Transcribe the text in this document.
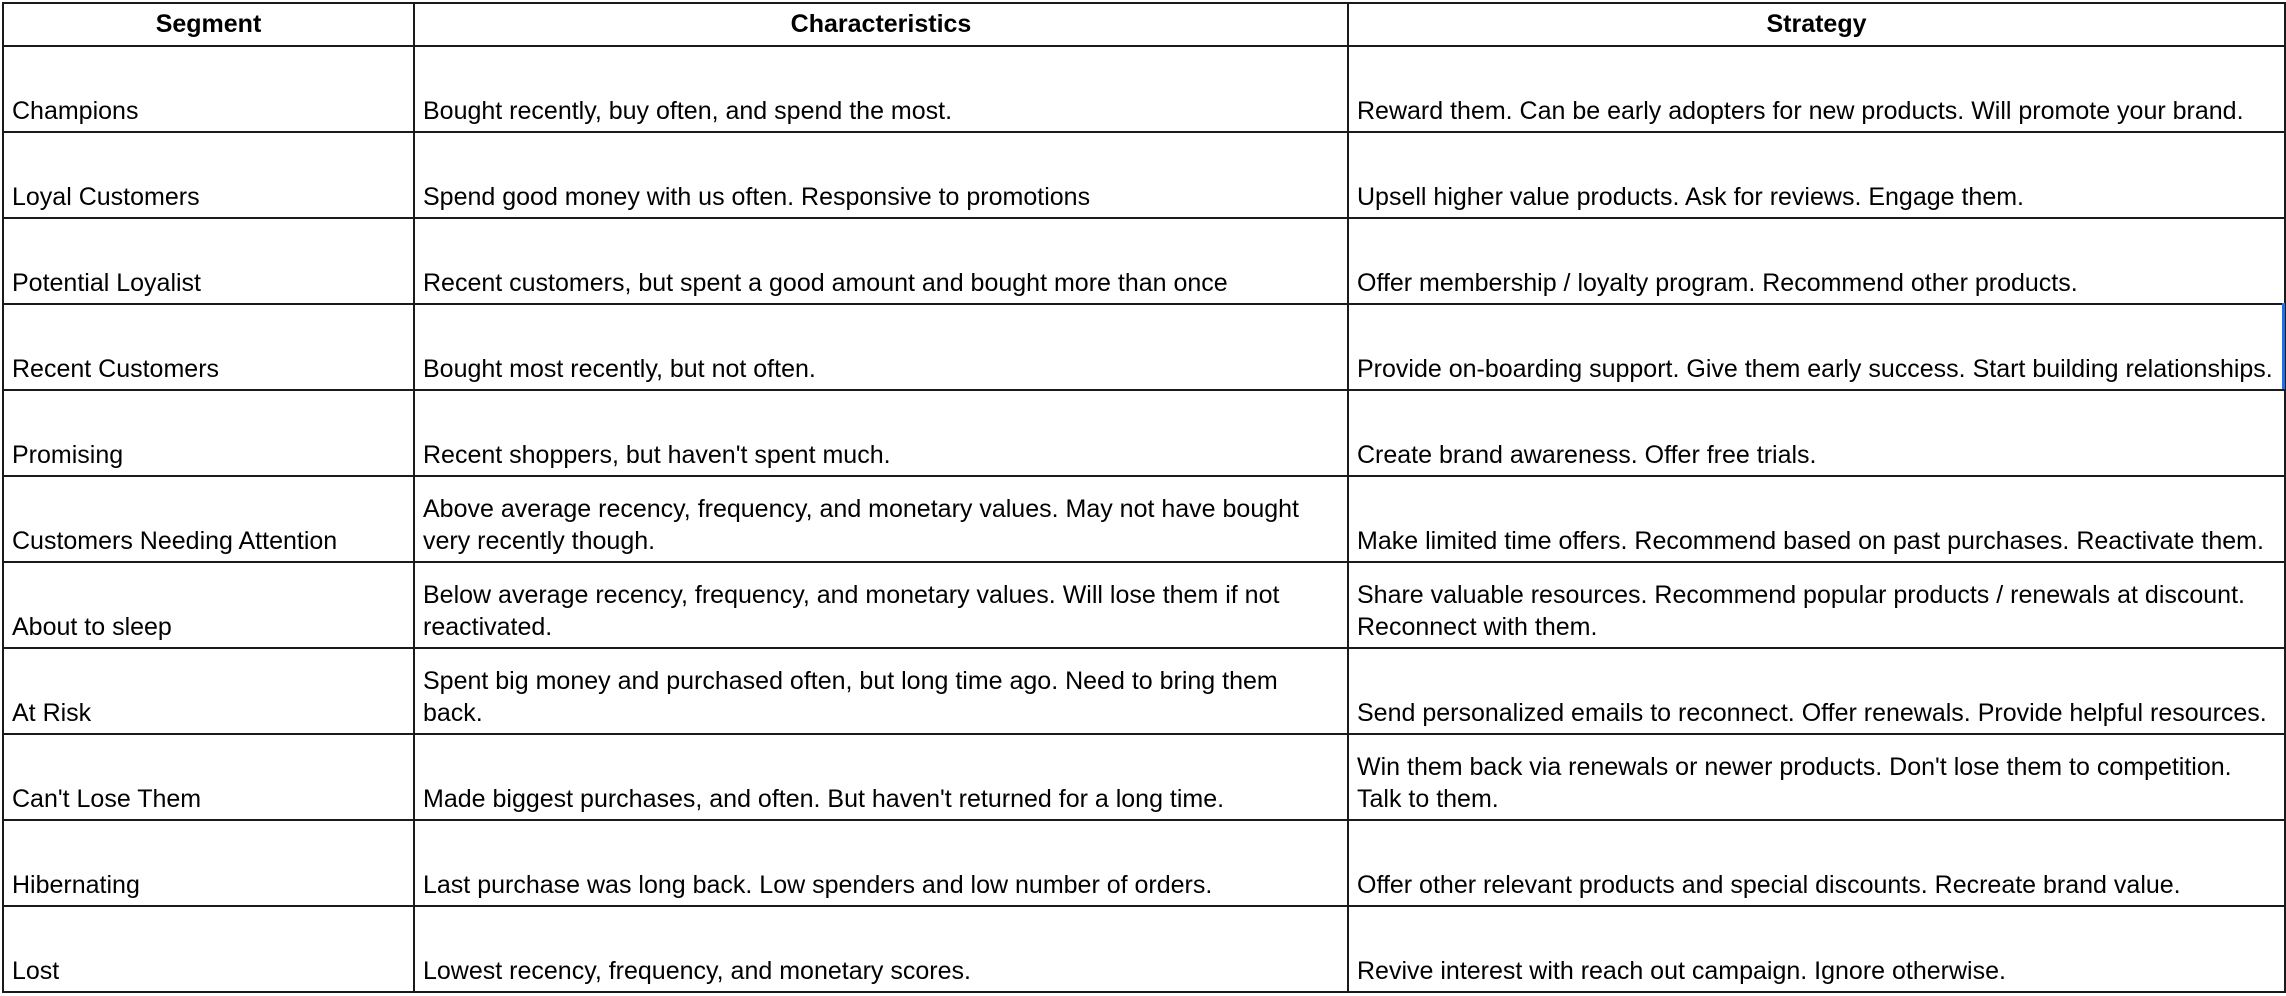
Segment	Characteristics	Strategy
Champions	Bought recently, buy often, and spend the most.	Reward them. Can be early adopters for new products. Will promote your brand.
Loyal Customers	Spend good money with us often. Responsive to promotions	Upsell higher value products. Ask for reviews. Engage them.
Potential Loyalist	Recent customers, but spent a good amount and bought more than once	Offer membership / loyalty program. Recommend other products.
Recent Customers	Bought most recently, but not often.	Provide on-boarding support. Give them early success. Start building relationships.
Promising	Recent shoppers, but haven't spent much.	Create brand awareness. Offer free trials.
Customers Needing Attention	Above average recency, frequency, and monetary values. May not have bought very recently though.	Make limited time offers. Recommend based on past purchases. Reactivate them.
About to sleep	Below average recency, frequency, and monetary values. Will lose them if not reactivated.	Share valuable resources. Recommend popular products / renewals at discount. Reconnect with them.
At Risk	Spent big money and purchased often, but long time ago. Need to bring them back.	Send personalized emails to reconnect. Offer renewals. Provide helpful resources.
Can't Lose Them	Made biggest purchases, and often. But haven't returned for a long time.	Win them back via renewals or newer products. Don't lose them to competition. Talk to them.
Hibernating	Last purchase was long back. Low spenders and low number of orders.	Offer other relevant products and special discounts. Recreate brand value.
Lost	Lowest recency, frequency, and monetary scores.	Revive interest with reach out campaign. Ignore otherwise.
